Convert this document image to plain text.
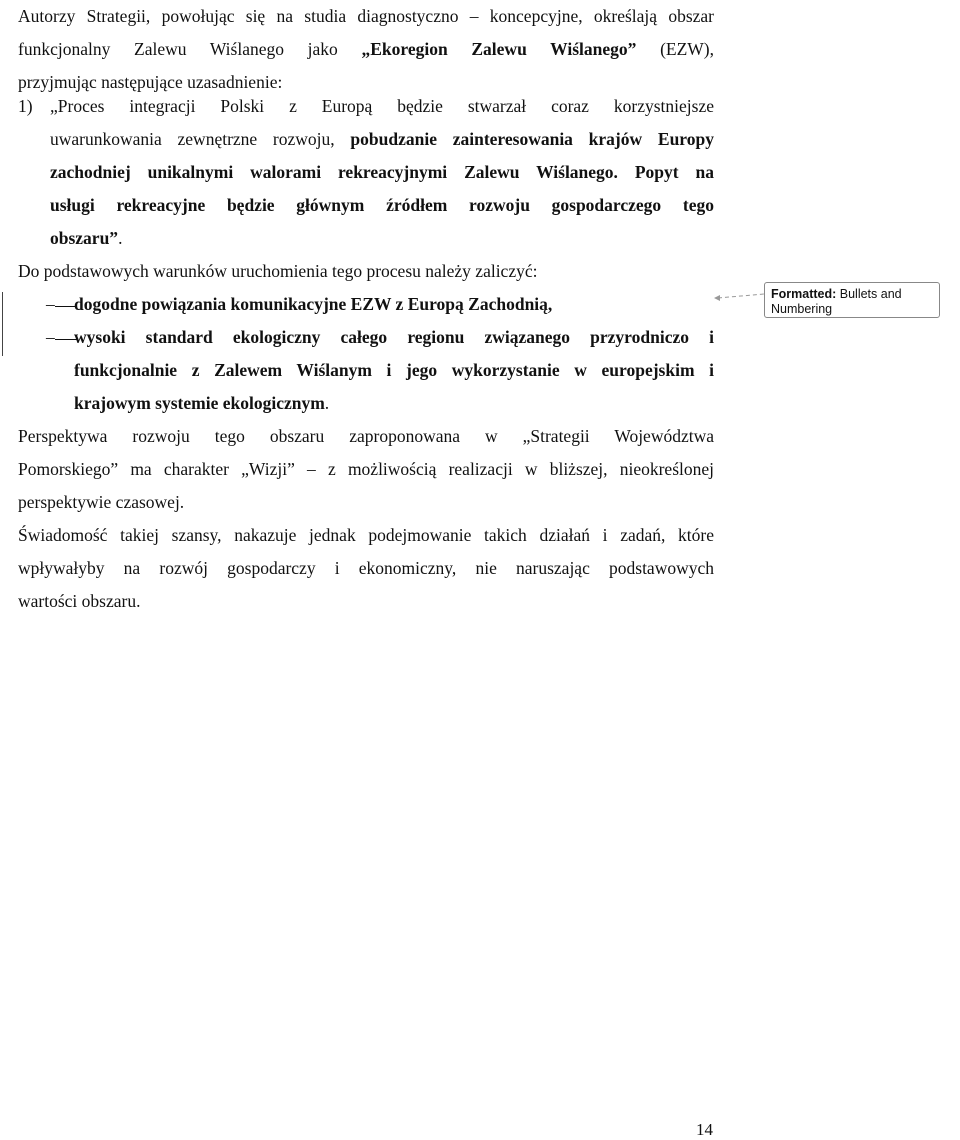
Autorzy Strategii, powołując się na studia diagnostyczno – koncepcyjne, określają obszar
funkcjonalny Zalewu Wiślanego jako „Ekoregion Zalewu Wiślanego” (EZW),
przyjmując następujące uzasadnienie:
1) „Proces integracji Polski z Europą będzie stwarzał coraz korzystniejsze
uwarunkowania zewnętrzne rozwoju, pobudzanie zainteresowania krajów Europy
zachodniej unikalnymi walorami rekreacyjnymi Zalewu Wiślanego. Popyt na
usługi rekreacyjne będzie głównym źródłem rozwoju gospodarczego tego
obszaru”.
Do podstawowych warunków uruchomienia tego procesu należy zaliczyć:
–	dogodne powiązania komunikacyjne EZW z Europą Zachodnią,
–	wysoki standard ekologiczny całego regionu związanego przyrodniczo i
funkcjonalnie z Zalewem Wiślanym i jego wykorzystanie w europejskim i
krajowym systemie ekologicznym.
Perspektywa rozwoju tego obszaru zaproponowana w „Strategii Województwa
Pomorskiego” ma charakter „Wizji” – z możliwością realizacji w bliższej, nieokreślonej
perspektywie czasowej.
Świadomość takiej szansy, nakazuje jednak podejmowanie takich działań i zadań, które
wpływałyby na rozwój gospodarczy i ekonomiczny, nie naruszając podstawowych
wartości obszaru.
Formatted: Bullets and Numbering
14
